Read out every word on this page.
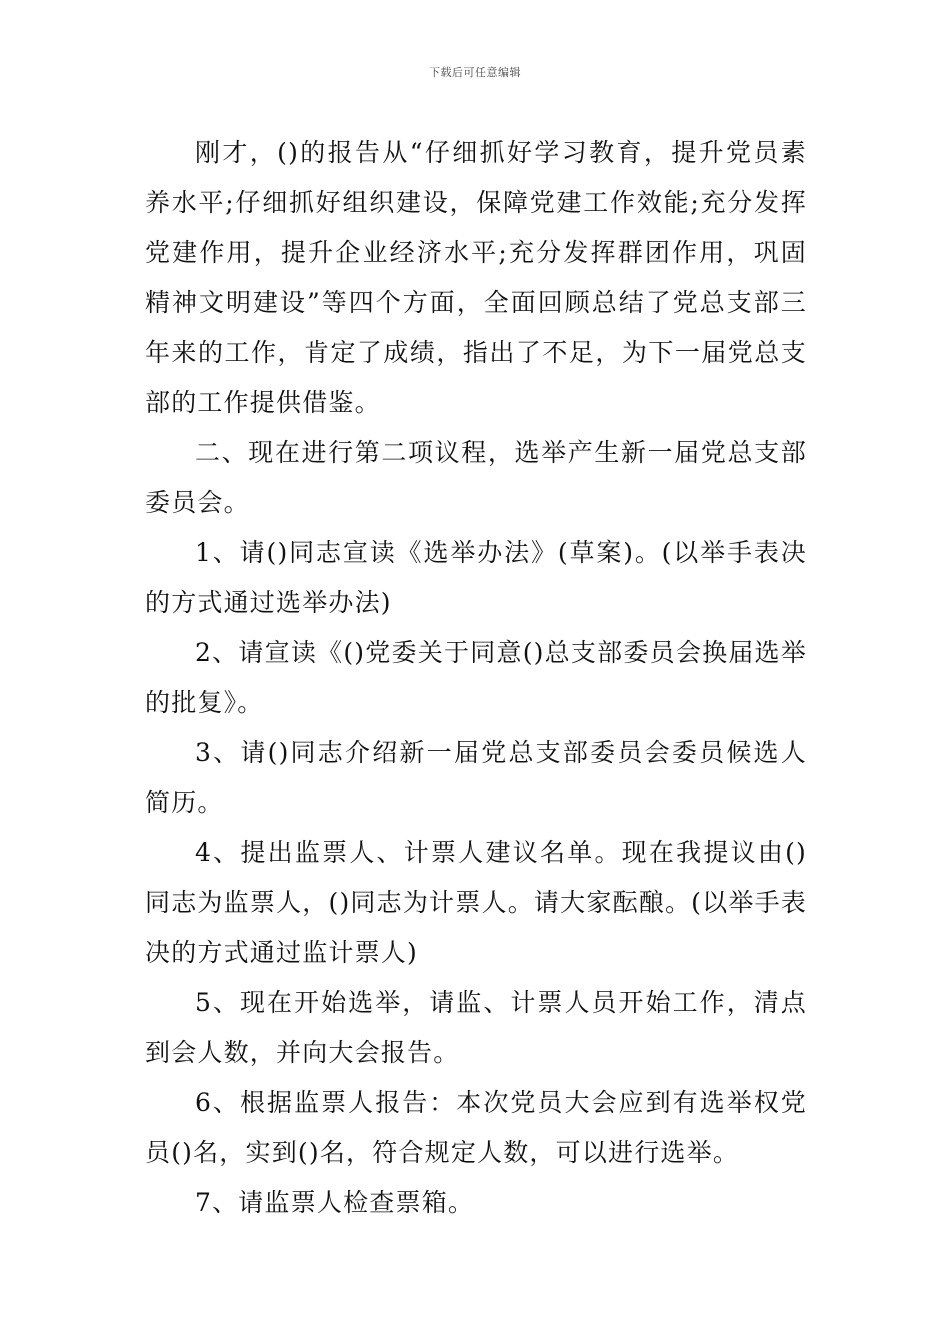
下载后可任意编辑

刚才，()的报告从“仔细抓好学习教育，提升党员素养水平;仔细抓好组织建设，保障党建工作效能;充分发挥党建作用，提升企业经济水平;充分发挥群团作用，巩固精神文明建设”等四个方面，全面回顾总结了党总支部三年来的工作，肯定了成绩，指出了不足，为下一届党总支部的工作提供借鉴。

二、现在进行第二项议程，选举产生新一届党总支部委员会。

1、请()同志宣读《选举办法》(草案)。(以举手表决的方式通过选举办法)

2、请宣读《()党委关于同意()总支部委员会换届选举的批复》。

3、请()同志介绍新一届党总支部委员会委员候选人简历。

4、提出监票人、计票人建议名单。现在我提议由()同志为监票人，()同志为计票人。请大家酝酿。(以举手表决的方式通过监计票人)

5、现在开始选举，请监、计票人员开始工作，清点到会人数，并向大会报告。

6、根据监票人报告：本次党员大会应到有选举权党员()名，实到()名，符合规定人数，可以进行选举。

7、请监票人检查票箱。
